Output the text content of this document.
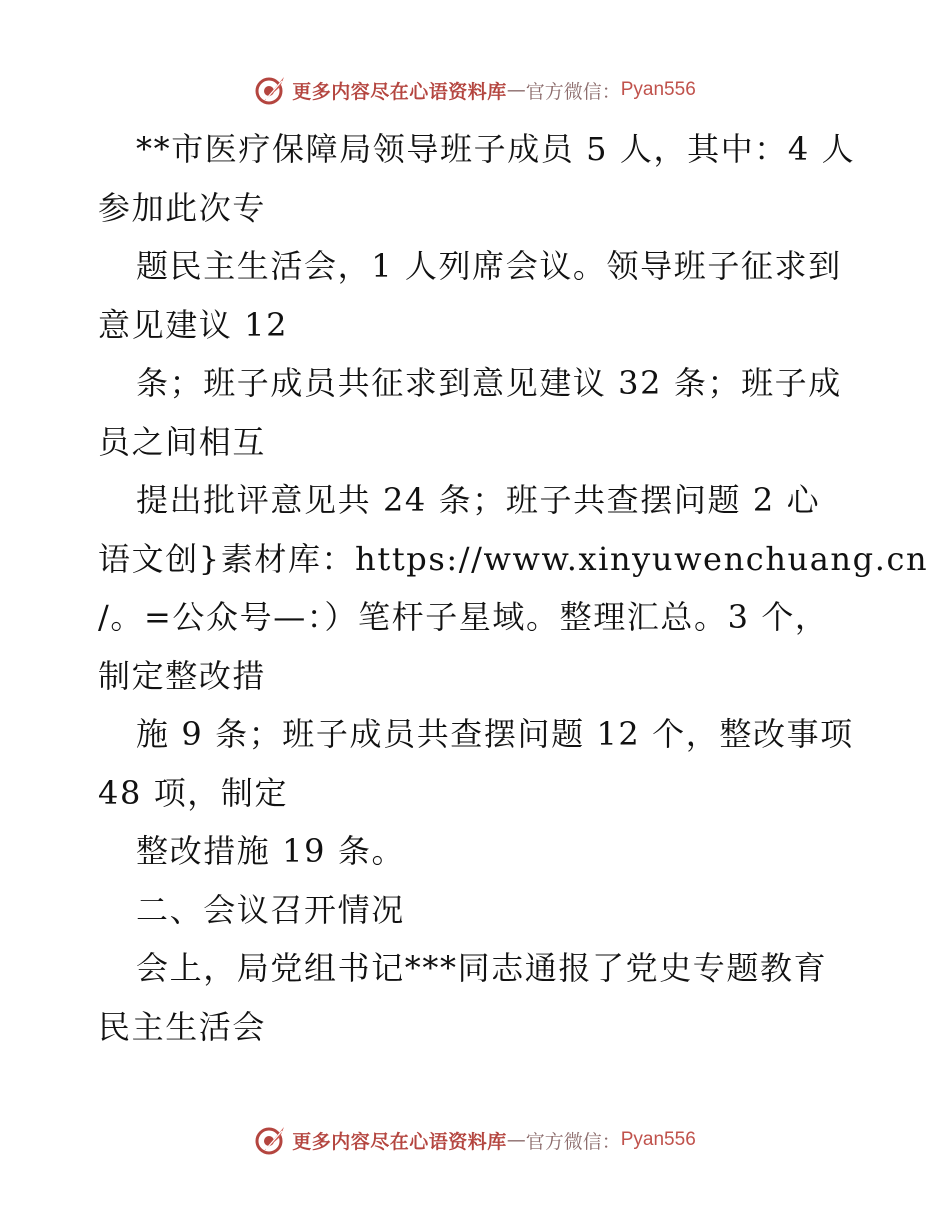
更多内容尽在心语资料库 — 官方微信： Pyan556
**市医疗保障局领导班子成员 5 人，其中：4 人
参加此次专
题民主生活会，1 人列席会议。领导班子征求到
意见建议 12
条；班子成员共征求到意见建议 32 条；班子成
员之间相互
提出批评意见共 24 条；班子共查摆问题 2 心
语文创}素材库：https://www.xinyuwenchuang.cn
/。=公众号—：）笔杆子星域。整理汇总。3 个，
制定整改措
施 9 条；班子成员共查摆问题 12 个，整改事项
48 项，制定
整改措施 19 条。
二、会议召开情况
会上，局党组书记***同志通报了党史专题教育
民主生活会
更多内容尽在心语资料库 — 官方微信： Pyan556
